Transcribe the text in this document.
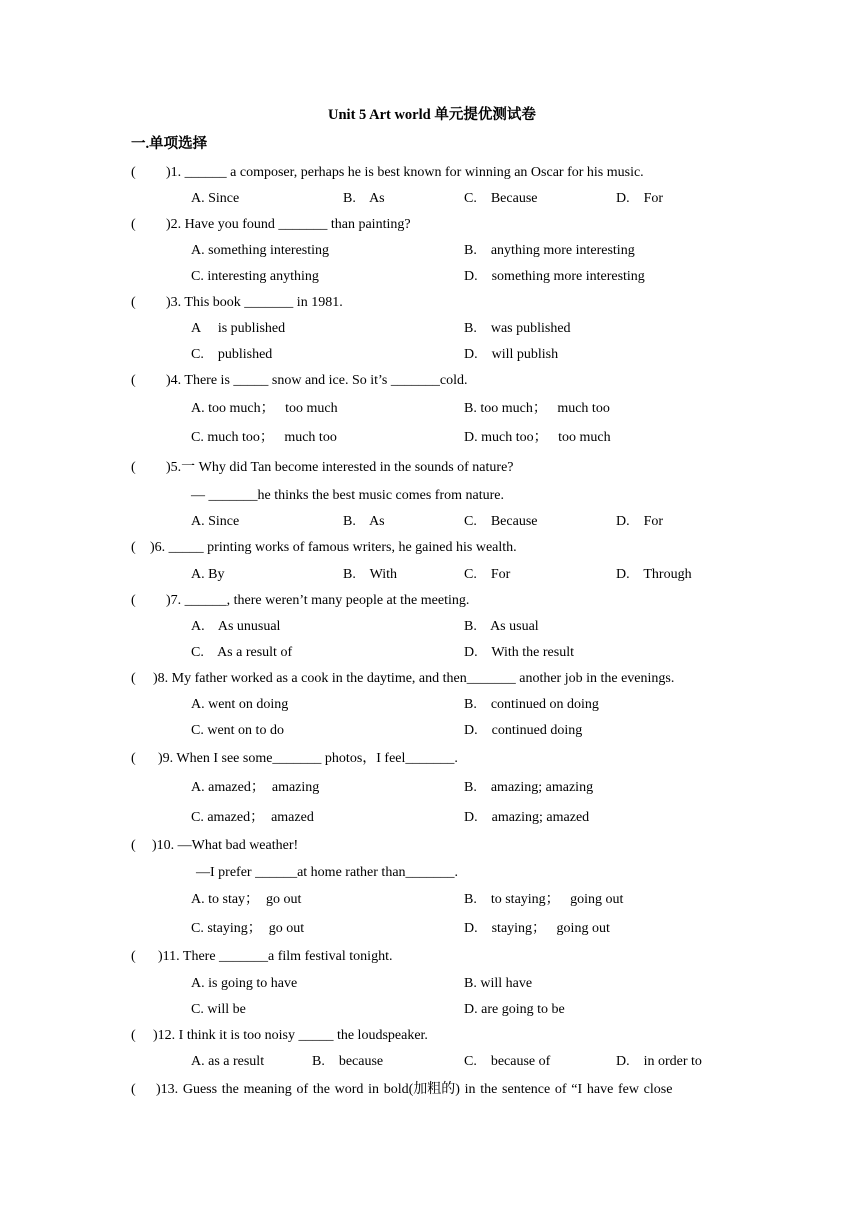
Unit 5 Art world 单元提优测试卷
一.单项选择
( )1. ______ a composer, perhaps he is best known for winning an Oscar for his music.
A. Since	B.    As	C.    Because	D.    For
( )2. Have you found _______ than painting?
A. something interesting	B.    anything more interesting
C. interesting anything	D.    something more interesting
( )3. This book _______ in 1981.
A     is published	B.    was published
C.    published	D.    will publish
( )4. There is _____ snow and ice. So it’s _______cold.
A. too much；   too much	B. too much；   much too
C. much too；   much too	D. much too；   too much
( )5.一 Why did Tan become interested in the sounds of nature?
— _______he thinks the best music comes from nature.
A. Since	B.    As	C.    Because	D.    For
( )6. _____ printing works of famous writers, he gained his wealth.
A. By	B.    With	C.    For	D.    Through
( )7. ______, there weren’t many people at the meeting.
A.    As unusual	B.    As usual
C.    As a result of	D.    With the result
( )8. My father worked as a cook in the daytime, and then_______ another job in the evenings.
A. went on doing	B.    continued on doing
C. went on to do	D.    continued doing
( )9. When I see some_______ photos，I feel_______.
A. amazed；  amazing	B.    amazing; amazing
C. amazed；  amazed	D.    amazing; amazed
( )10. —What bad weather!
—I prefer ______at home rather than_______.
A. to stay；  go out	B.    to staying；   going out
C. staying；  go out	D.    staying；   going out
( )11. There _______a film festival tonight.
A. is going to have	B. will have
C. will be	D. are going to be
( )12. I think it is too noisy _____ the loudspeaker.
A. as a result	B.    because	C.    because of	D.    in order to
( )13. Guess the meaning of the word in bold(加粗的) in the sentence of “I have few close
